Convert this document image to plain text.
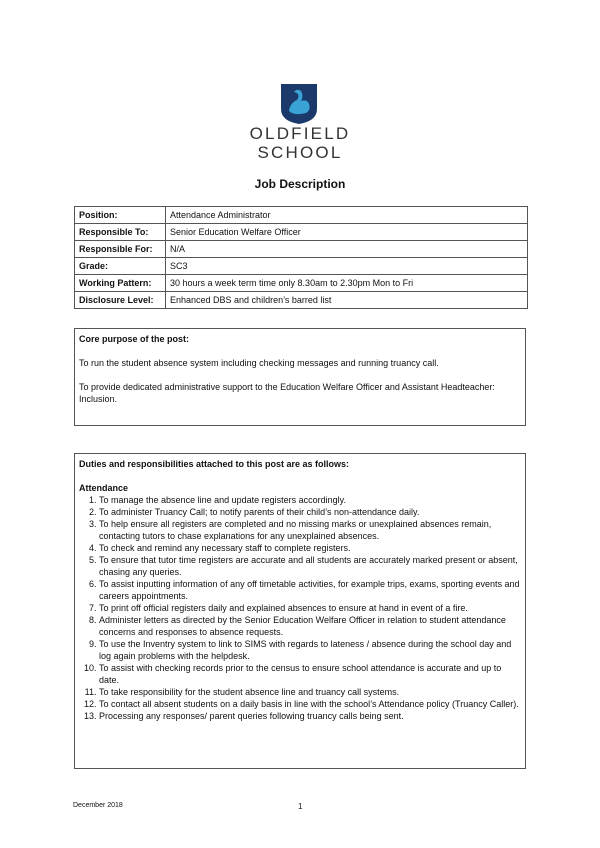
OLDFIELD
SCHOOL
Job Description
Position:	Attendance Administrator
Responsible To:	Senior Education Welfare Officer
Responsible For:	N/A
Grade:	SC3
Working Pattern:	30 hours a week term time only 8.30am to 2.30pm Mon to Fri
Disclosure Level:	Enhanced DBS and children’s barred list
Core purpose of the post:
To run the student absence system including checking messages and running truancy call.
To provide dedicated administrative support to the Education Welfare Officer and Assistant Headteacher: Inclusion.
Duties and responsibilities attached to this post are as follows:
Attendance
1. To manage the absence line and update registers accordingly.
2. To administer Truancy Call; to notify parents of their child’s non-attendance daily.
3. To help ensure all registers are completed and no missing marks or unexplained absences remain, contacting tutors to chase explanations for any unexplained absences.
4. To check and remind any necessary staff to complete registers.
5. To ensure that tutor time registers are accurate and all students are accurately marked present or absent, chasing any queries.
6. To assist inputting information of any off timetable activities, for example trips, exams, sporting events and careers appointments.
7. To print off official registers daily and explained absences to ensure at hand in event of a fire.
8. Administer letters as directed by the Senior Education Welfare Officer in relation to student attendance concerns and responses to absence requests.
9. To use the Inventry system to link to SIMS with regards to lateness / absence during the school day and log again problems with the helpdesk.
10. To assist with checking records prior to the census to ensure school attendance is accurate and up to date.
11. To take responsibility for the student absence line and truancy call systems.
12. To contact all absent students on a daily basis in line with the school’s Attendance policy (Truancy Caller).
13. Processing any responses/ parent queries following truancy calls being sent.
December 2018	1
